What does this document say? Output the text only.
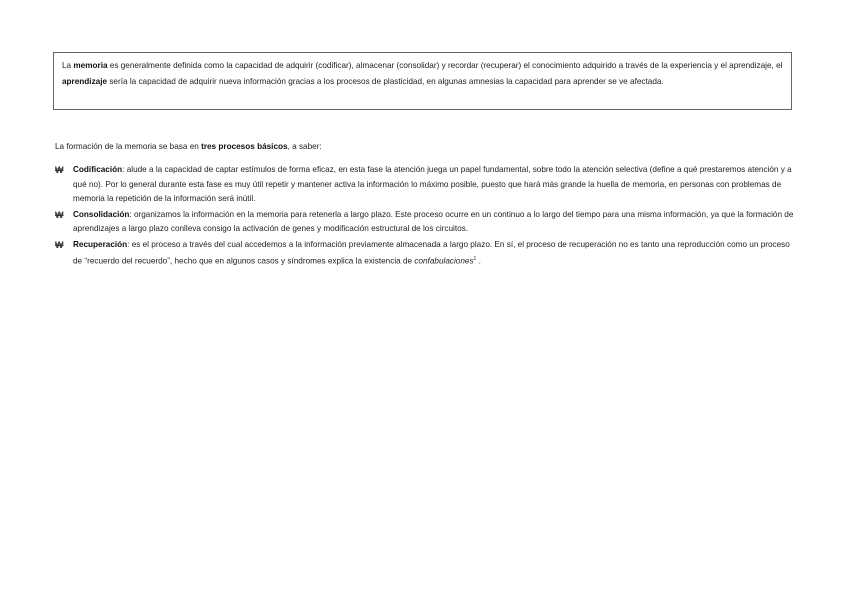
La memoria es generalmente definida como la capacidad de adquirir (codificar), almacenar (consolidar) y recordar (recuperar) el conocimiento adquirido a través de la experiencia y el aprendizaje, el aprendizaje sería la capacidad de adquirir nueva información gracias a los procesos de plasticidad, en algunas amnesias la capacidad para aprender se ve afectada.
La formación de la memoria se basa en tres procesos básicos, a saber:
₩ Codificación: alude a la capacidad de captar estímulos de forma eficaz, en esta fase la atención juega un papel fundamental, sobre todo la atención selectiva (define a qué prestaremos atención y a qué no). Por lo general durante esta fase es muy útil repetir y mantener activa la información lo máximo posible, puesto que hará más grande la huella de memoria, en personas con problemas de memoria la repetición de la información será inútil.
₩ Consolidación: organizamos la información en la memoria para retenerla a largo plazo. Este proceso ocurre en un continuo a lo largo del tiempo para una misma información, ya que la formación de aprendizajes a largo plazo conlleva consigo la activación de genes y modificación estructural de los circuitos.
₩ Recuperación: es el proceso a través del cual accedemos a la información previamente almacenada a largo plazo. En sí, el proceso de recuperación no es tanto una reproducción como un proceso de “recuerdo del recuerdo”, hecho que en algunos casos y síndromes explica la existencia de confabulaciones$^1$ .
